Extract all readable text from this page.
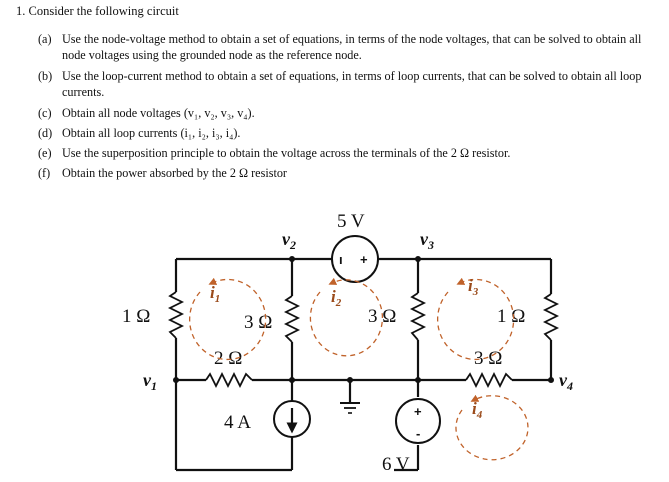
1. Consider the following circuit
(a) Use the node-voltage method to obtain a set of equations, in terms of the node voltages, that can be solved to obtain all node voltages using the grounded node as the reference node.
(b) Use the loop-current method to obtain a set of equations, in terms of loop currents, that can be solved to obtain all loop currents.
(c) Obtain all node voltages (v₁, v₂, v₃, v₄).
(d) Obtain all loop currents (i₁, i₂, i₃, i₄).
(e) Use the superposition principle to obtain the voltage across the terminals of the 2 Ω resistor.
(f) Obtain the power absorbed by the 2 Ω resistor
ı +
5 V
4 A
+
-
6 V
1 Ω	3 Ω	3 Ω	1 Ω
2 Ω	3 Ω
$v_1$
$v_2$	$v_3$
$v_4$
$i_1$	$i_2$
$i_3$
$i_4$
